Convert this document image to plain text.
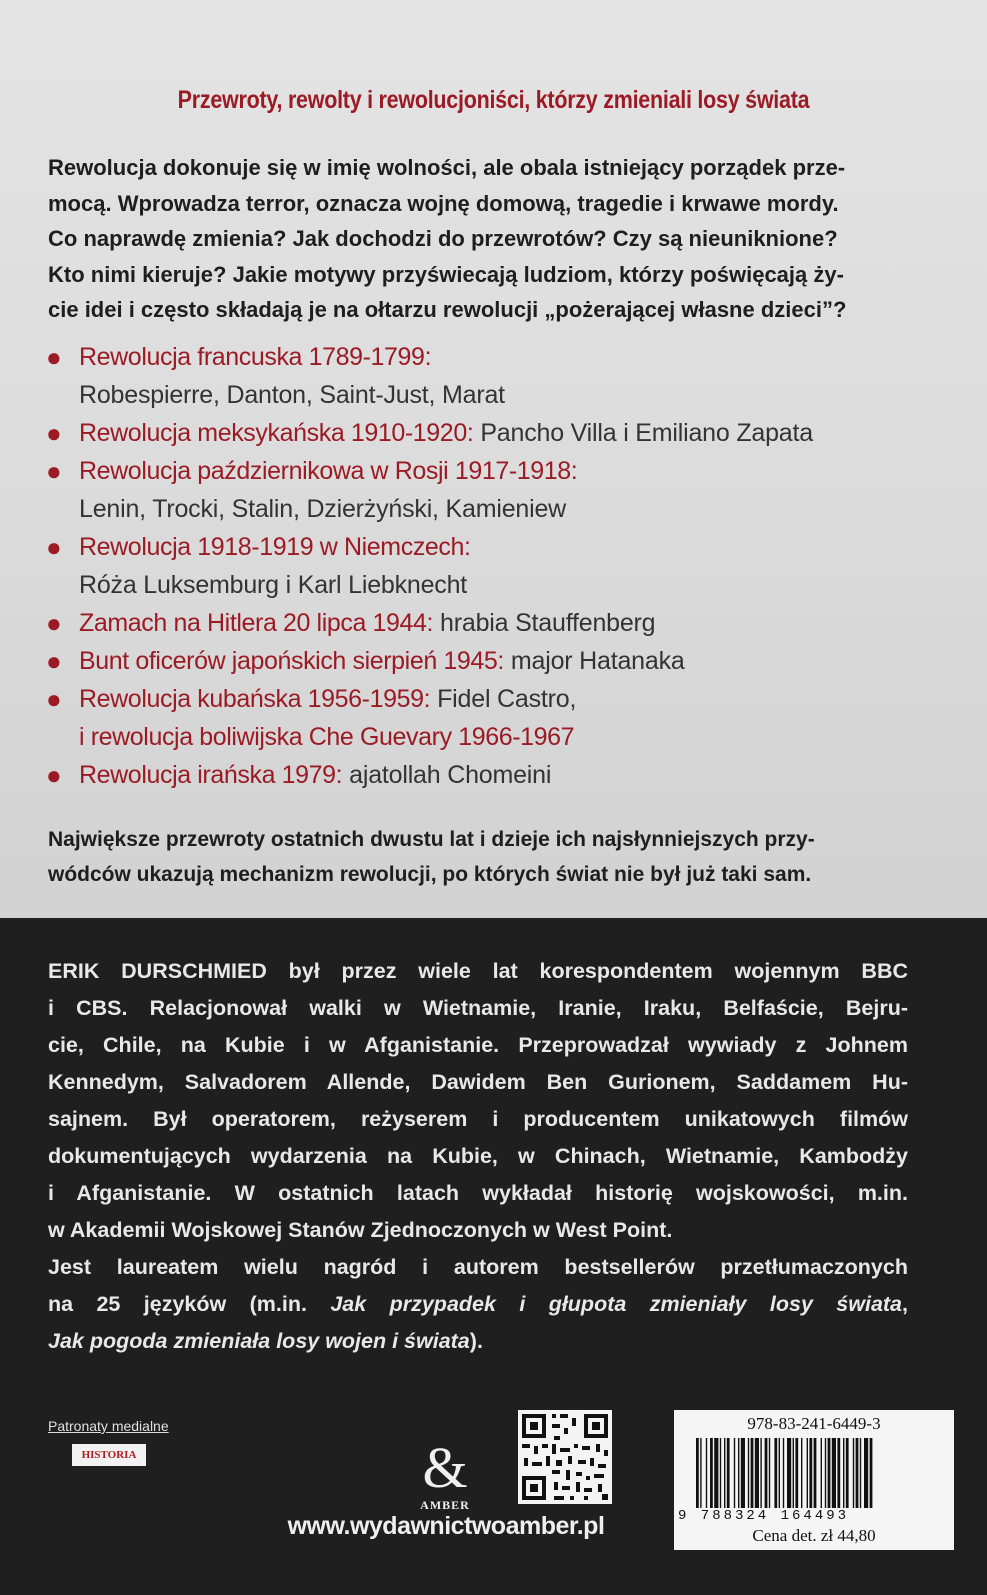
Przewroty, rewolty i rewolucjoniści, którzy zmieniali losy świata
Rewolucja dokonuje się w imię wolności, ale obala istniejący porządek prze-
mocą. Wprowadza terror, oznacza wojnę domową, tragedie i krwawe mordy.
Co naprawdę zmienia? Jak dochodzi do przewrotów? Czy są nieuniknione?
Kto nimi kieruje? Jakie motywy przyświecają ludziom, którzy poświęcają ży-
cie idei i często składają je na ołtarzu rewolucji „pożerającej własne dzieci”?
● Rewolucja francuska 1789-1799:
Robespierre, Danton, Saint-Just, Marat
● Rewolucja meksykańska 1910-1920: Pancho Villa i Emiliano Zapata
● Rewolucja październikowa w Rosji 1917-1918:
Lenin, Trocki, Stalin, Dzierżyński, Kamieniew
● Rewolucja 1918-1919 w Niemczech:
Róża Luksemburg i Karl Liebknecht
● Zamach na Hitlera 20 lipca 1944: hrabia Stauffenberg
● Bunt oficerów japońskich sierpień 1945: major Hatanaka
● Rewolucja kubańska 1956-1959: Fidel Castro,
i rewolucja boliwijska Che Guevary 1966-1967
● Rewolucja irańska 1979: ajatollah Chomeini
Największe przewroty ostatnich dwustu lat i dzieje ich najsłynniejszych przy-
wódców ukazują mechanizm rewolucji, po których świat nie był już taki sam.
ERIK DURSCHMIED był przez wiele lat korespondentem wojennym BBC
i CBS. Relacjonował walki w Wietnamie, Iranie, Iraku, Belfaście, Bejru-
cie, Chile, na Kubie i w Afganistanie. Przeprowadzał wywiady z Johnem
Kennedym, Salvadorem Allende, Dawidem Ben Gurionem, Saddamem Hu-
sajnem. Był operatorem, reżyserem i producentem unikatowych filmów
dokumentujących wydarzenia na Kubie, w Chinach, Wietnamie, Kambodży
i Afganistanie. W ostatnich latach wykładał historię wojskowości, m.in.
w Akademii Wojskowej Stanów Zjednoczonych w West Point.
Jest laureatem wielu nagród i autorem bestsellerów przetłumaczonych
na 25 języków (m.in. Jak przypadek i głupota zmieniały losy świata,
Jak pogoda zmieniała losy wojen i świata).
Patronaty medialne
HISTORIA	&
AMBER
www.wydawnictwoamber.pl
978-83-241-6449-3
9 788324 164493
Cena det. zł 44,80
